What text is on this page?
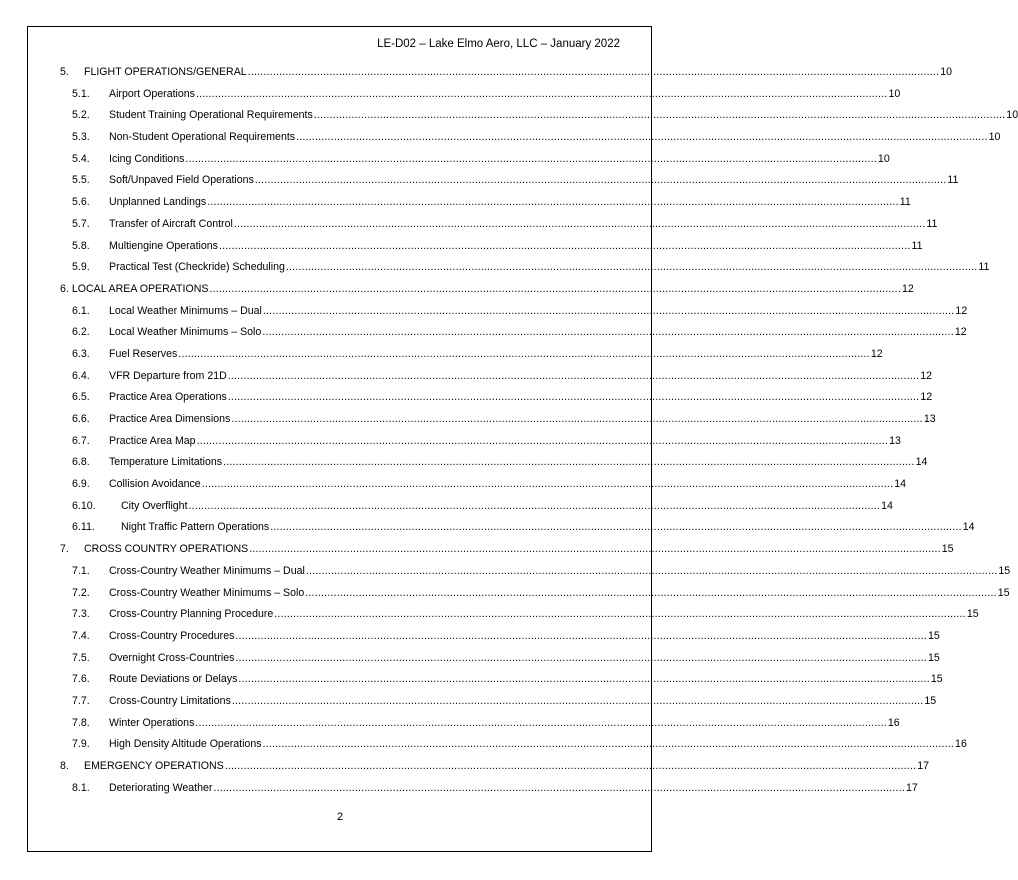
LE-D02 – Lake Elmo Aero, LLC – January 2022
5.	FLIGHT OPERATIONS/GENERAL ............................................................................................................................................................................................................................ 10
5.1.	Airport Operations ............................................................................................................................................................................................................................ 10
5.2.	Student Training Operational Requirements ............................................................................................................................................................................................................................ 10
5.3.	Non-Student Operational Requirements ............................................................................................................................................................................................................................ 10
5.4.	Icing Conditions ............................................................................................................................................................................................................................ 10
5.5.	Soft/Unpaved Field Operations ............................................................................................................................................................................................................................ 11
5.6.	Unplanned Landings ............................................................................................................................................................................................................................ 11
5.7.	Transfer of Aircraft Control ............................................................................................................................................................................................................................ 11
5.8.	Multiengine Operations ............................................................................................................................................................................................................................ 11
5.9.	Practical Test (Checkride) Scheduling ............................................................................................................................................................................................................................ 11
6. LOCAL AREA OPERATIONS ............................................................................................................................................................................................................................ 12
6.1.	Local Weather Minimums – Dual ............................................................................................................................................................................................................................ 12
6.2.	Local Weather Minimums – Solo ............................................................................................................................................................................................................................ 12
6.3.	Fuel Reserves ............................................................................................................................................................................................................................ 12
6.4.	VFR Departure from 21D ............................................................................................................................................................................................................................ 12
6.5.	Practice Area Operations ............................................................................................................................................................................................................................ 12
6.6.	Practice Area Dimensions ............................................................................................................................................................................................................................ 13
6.7.	Practice Area Map ............................................................................................................................................................................................................................ 13
6.8.	Temperature Limitations ............................................................................................................................................................................................................................ 14
6.9.	Collision Avoidance ............................................................................................................................................................................................................................ 14
6.10.	City Overflight ............................................................................................................................................................................................................................ 14
6.11.	Night Traffic Pattern Operations ............................................................................................................................................................................................................................ 14
7.	CROSS COUNTRY OPERATIONS ............................................................................................................................................................................................................................ 15
7.1.	Cross-Country Weather Minimums – Dual ............................................................................................................................................................................................................................ 15
7.2.	Cross-Country Weather Minimums – Solo ............................................................................................................................................................................................................................ 15
7.3.	Cross-Country Planning Procedure ............................................................................................................................................................................................................................ 15
7.4.	Cross-Country Procedures ............................................................................................................................................................................................................................ 15
7.5.	Overnight Cross-Countries ............................................................................................................................................................................................................................ 15
7.6.	Route Deviations or Delays ............................................................................................................................................................................................................................ 15
7.7.	Cross-Country Limitations ............................................................................................................................................................................................................................ 15
7.8.	Winter Operations ............................................................................................................................................................................................................................ 16
7.9.	High Density Altitude Operations ............................................................................................................................................................................................................................ 16
8.	EMERGENCY OPERATIONS ............................................................................................................................................................................................................................ 17
8.1.	Deteriorating Weather ............................................................................................................................................................................................................................ 17
2
